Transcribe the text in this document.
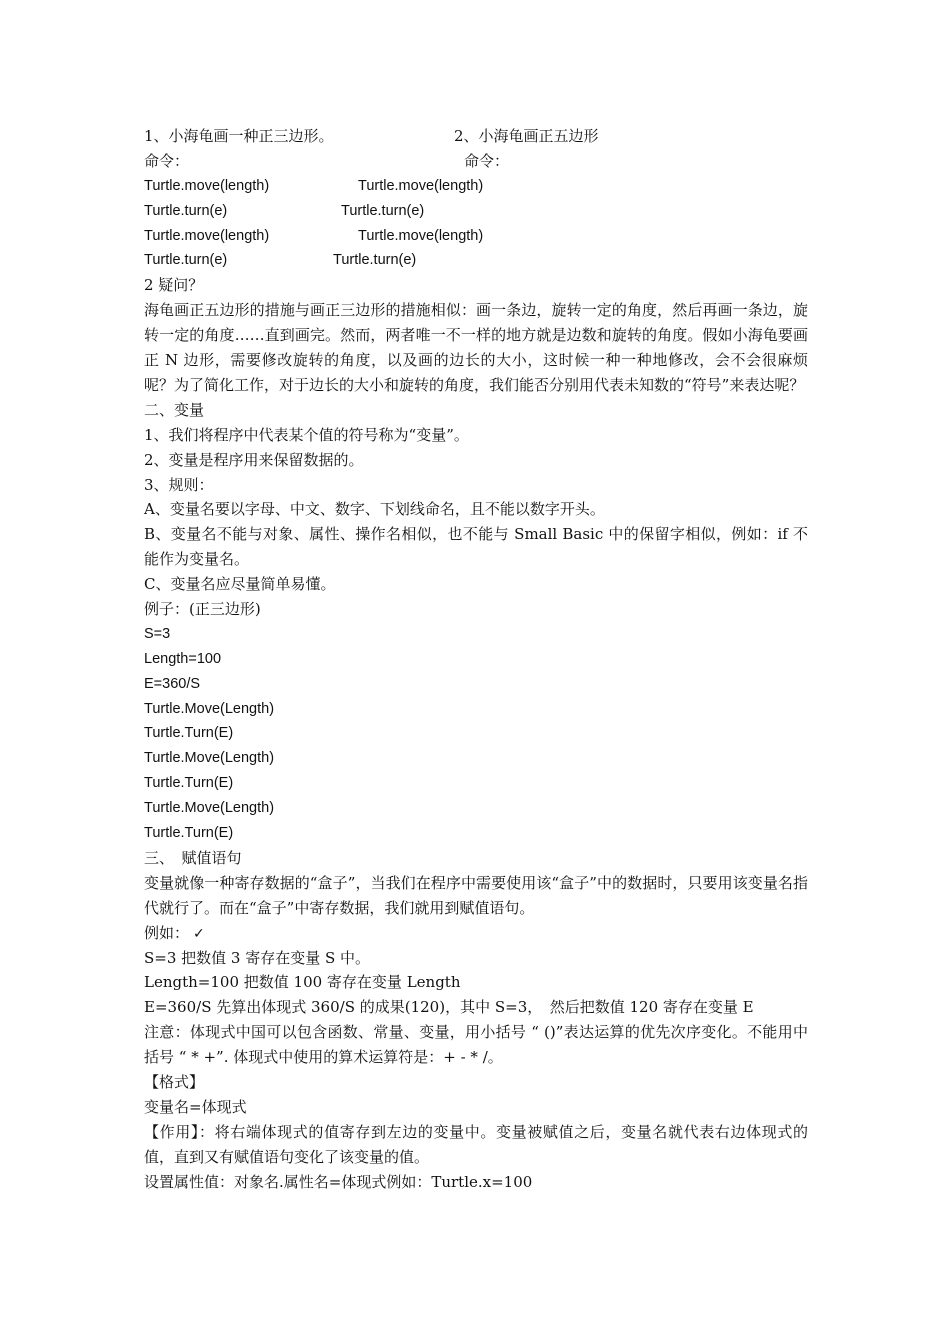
1、小海龟画一种正三边形。	2、小海龟画正五边形
命令：	命令：
Turtle.move(length)	Turtle.move(length)
Turtle.turn(e)	Turtle.turn(e)
Turtle.move(length)	Turtle.move(length)
Turtle.turn(e)	Turtle.turn(e)
2 疑问？
海龟画正五边形的措施与画正三边形的措施相似：画一条边，旋转一定的角度，然后再画一条边，旋转一定的角度……直到画完。然而，两者唯一不一样的地方就是边数和旋转的角度。假如小海龟要画正 N 边形，需要修改旋转的角度，以及画的边长的大小，这时候一种一种地修改，会不会很麻烦呢？为了简化工作，对于边长的大小和旋转的角度，我们能否分别用代表未知数的“符号”来表达呢？
二、变量
1、我们将程序中代表某个值的符号称为“变量”。
2、变量是程序用来保留数据的。
3、规则：
A、变量名要以字母、中文、数字、下划线命名，且不能以数字开头。
B、变量名不能与对象、属性、操作名相似，也不能与 Small Basic 中的保留字相似，例如：if 不能作为变量名。
C、变量名应尽量简单易懂。
例子：(正三边形)
S=3
Length=100
E=360/S
Turtle.Move(Length)
Turtle.Turn(E)
Turtle.Move(Length)
Turtle.Turn(E)
Turtle.Move(Length)
Turtle.Turn(E)
三、　赋值语句
变量就像一种寄存数据的“盒子”，当我们在程序中需要使用该“盒子”中的数据时，只要用该变量名指代就行了。而在“盒子”中寄存数据，我们就用到赋值语句。
例如： ✓
S=3 把数值 3 寄存在变量 S 中。
Length=100 把数值 100 寄存在变量 Length
E=360/S 先算出体现式 360/S 的成果(120)，其中 S=3，　然后把数值 120 寄存在变量 E
注意：体现式中国可以包含函数、常量、变量，用小括号 “ ()”表达运算的优先次序变化。不能用中括号 “ * +”. 体现式中使用的算术运算符是：+ - * /。
【格式】
变量名=体现式
【作用】：将右端体现式的值寄存到左边的变量中。变量被赋值之后，变量名就代表右边体现式的值，直到又有赋值语句变化了该变量的值。
设置属性值：对象名.属性名=体现式例如：Turtle.x=100
